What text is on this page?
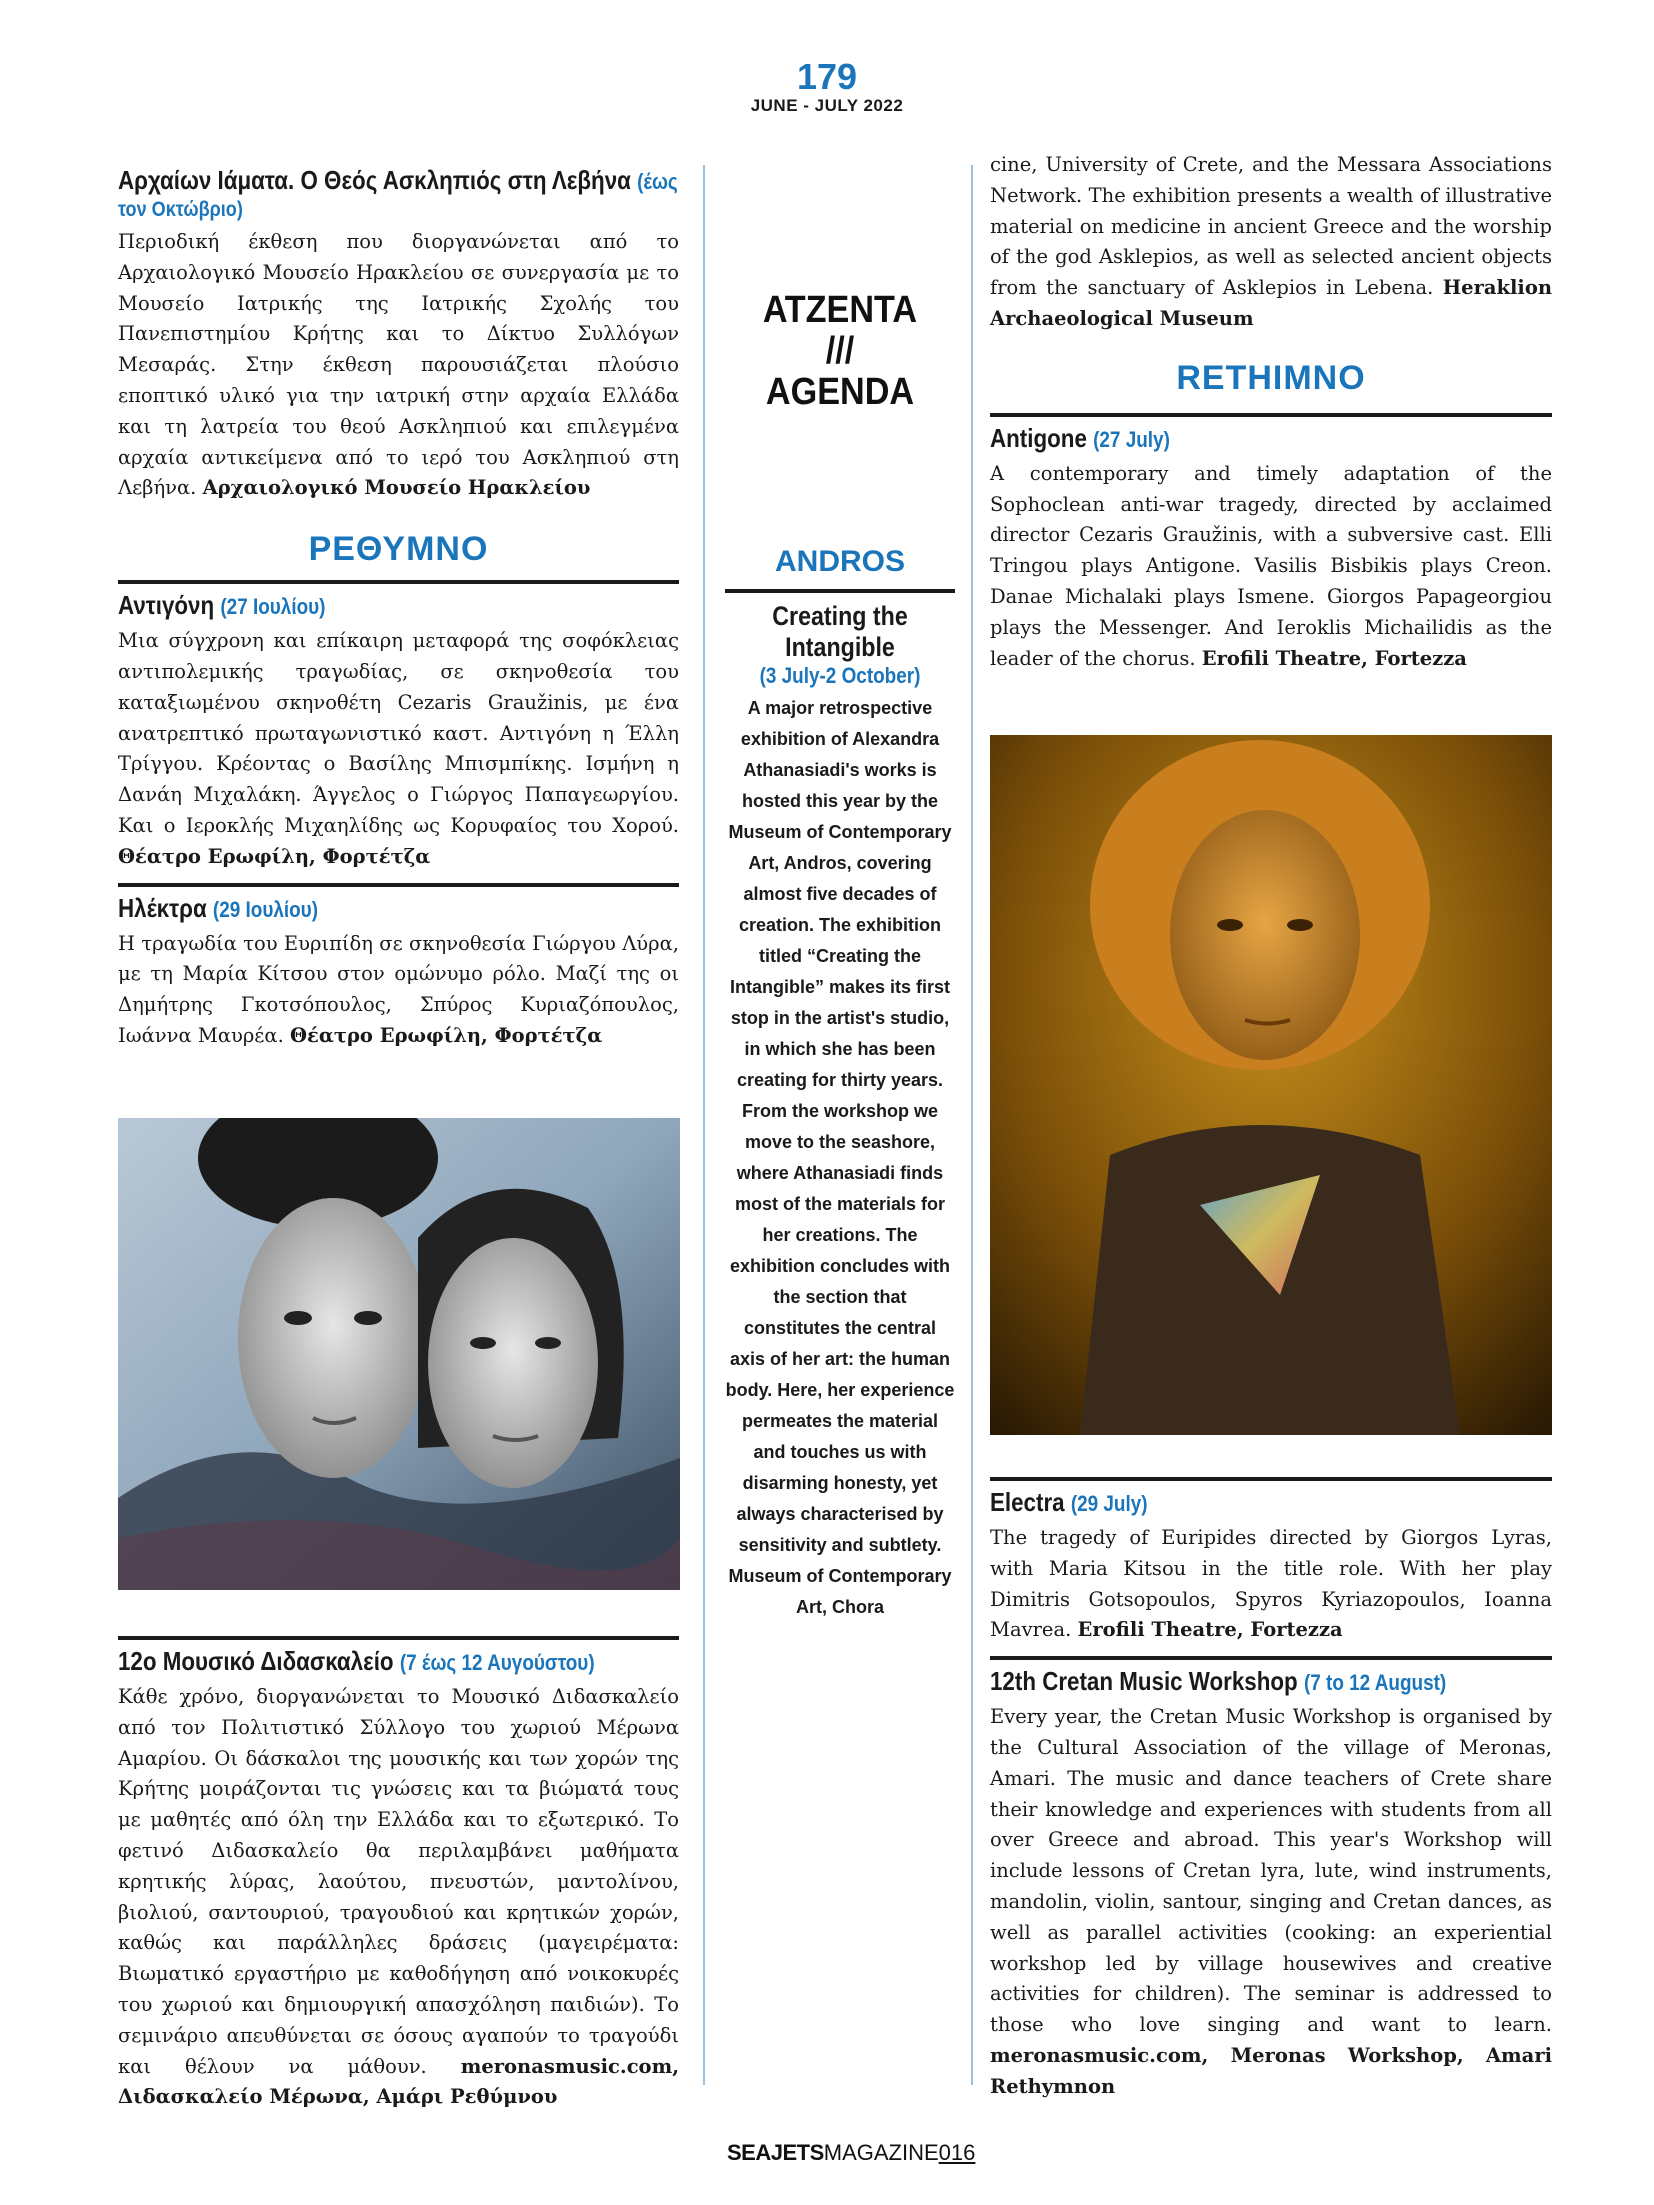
179
JUNE - JULY 2022
Αρχαίων Ιάματα. Ο Θεός Ασκληπιός στη Λεβήνα (έως
τον Οκτώβριο)

Περιοδική έκθεση που διοργανώνεται από το Αρχαιολογικό Μουσείο Ηρακλείου σε συνεργασία με το Μουσείο Ιατρικής της Ιατρικής Σχολής του Πανεπιστημίου Κρήτης και το Δίκτυο Συλλόγων Μεσαράς. Στην έκθεση παρουσιάζεται πλούσιο εποπτικό υλικό για την ιατρική στην αρχαία Ελλάδα και τη λατρεία του θεού Ασκληπιού και επιλεγμένα αρχαία αντικείμενα από το ιερό του Ασκληπιού στη Λεβήνα. Αρχαιολογικό Μουσείο Ηρακλείου

ΡΕΘΥΜΝΟ
Αντιγόνη (27 Ιουλίου)

Μια σύγχρονη και επίκαιρη μεταφορά της σοφόκλειας αντιπολεμικής τραγωδίας, σε σκηνοθεσία του καταξιωμένου σκηνοθέτη Cezaris Graužinis, με ένα ανατρεπτικό πρωταγωνιστικό καστ. Αντιγόνη η Έλλη Τρίγγου. Κρέοντας ο Βασίλης Μπισμπίκης. Ισμήνη η Δανάη Μιχαλάκη. Άγγελος ο Γιώργος Παπαγεωργίου. Και ο Ιεροκλής Μιχαηλίδης ως Κορυφαίος του Χορού. Θέατρο Ερωφίλη, Φορτέτζα

Ηλέκτρα (29 Ιουλίου)

Η τραγωδία του Ευριπίδη σε σκηνοθεσία Γιώργου Λύρα, με τη Μαρία Κίτσου στον ομώνυμο ρόλο. Μαζί της οι Δημήτρης Γκοτσόπουλος, Σπύρος Κυριαζόπουλος, Ιωάννα Μαυρέα. Θέατρο Ερωφίλη, Φορτέτζα

12ο Μουσικό Διδασκαλείο (7 έως 12 Αυγούστου)

Κάθε χρόνο, διοργανώνεται το Μουσικό Διδασκαλείο από τον Πολιτιστικό Σύλλογο του χωριού Μέρωνα Αμαρίου. Οι δάσκαλοι της μουσικής και των χορών της Κρήτης μοιράζονται τις γνώσεις και τα βιώματά τους με μαθητές από όλη την Ελλάδα και το εξωτερικό. Το φετινό Διδασκαλείο θα περιλαμβάνει μαθήματα κρητικής λύρας, λαούτου, πνευστών, μαντολίνου, βιολιού, σαντουριού, τραγουδιού και κρητικών χορών, καθώς και παράλληλες δράσεις (μαγειρέματα: Βιωματικό εργαστήριο με καθοδήγηση από νοικοκυρές του χωριού και δημιουργική απασχόληση παιδιών). Το σεμινάριο απευθύνεται σε όσους αγαπούν το τραγούδι και θέλουν να μάθουν. meronasmusic.com, Διδασκαλείο Μέρωνα, Αμάρι Ρεθύμνου

ΑΤΖΕΝΤΑ
///
AGENDA
ANDROS
Creating the
Intangible
(3 July-2 October)

A major retrospective exhibition of Alexandra Athanasiadi's works is hosted this year by the Museum of Contemporary Art, Andros, covering almost five decades of creation. The exhibition titled “Creating the Intangible” makes its first stop in the artist's studio, in which she has been creating for thirty years. From the workshop we move to the seashore, where Athanasiadi finds most of the materials for her creations. The exhibition concludes with the section that constitutes the central axis of her art: the human body. Here, her experience permeates the material and touches us with disarming honesty, yet always characterised by sensitivity and subtlety. Museum of Contemporary Art, Chora

cine, University of Crete, and the Messara Associations Network. The exhibition presents a wealth of illustrative material on medicine in ancient Greece and the worship of the god Asklepios, as well as selected ancient objects from the sanctuary of Asklepios in Lebena. Heraklion Archaeological Museum

RETHIMNO
Antigone (27 July)

A contemporary and timely adaptation of the Sophoclean anti-war tragedy, directed by acclaimed director Cezaris Graužinis, with a subversive cast. Elli Tringou plays Antigone. Vasilis Bisbikis plays Creon. Danae Michalaki plays Ismene. Giorgos Papageorgiou plays the Messenger. And Ieroklis Michailidis as the leader of the chorus. Erofili Theatre, Fortezza

Electra (29 July)

The tragedy of Euripides directed by Giorgos Lyras, with Maria Kitsou in the title role. With her play Dimitris Gotsopoulos, Spyros Kyriazopoulos, Ioanna Mavrea. Erofili Theatre, Fortezza

12th Cretan Music Workshop (7 to 12 August)

Every year, the Cretan Music Workshop is organised by the Cultural Association of the village of Meronas, Amari. The music and dance teachers of Crete share their knowledge and experiences with students from all over Greece and abroad. This year's Workshop will include lessons of Cretan lyra, lute, wind instruments, mandolin, violin, santour, singing and Cretan dances, as well as parallel activities (cooking: an experiential workshop led by village housewives and creative activities for children). The seminar is addressed to those who love singing and want to learn. meronasmusic.com, Meronas Workshop, Amari Rethymnon

SEAJETSMAGAZINE016
